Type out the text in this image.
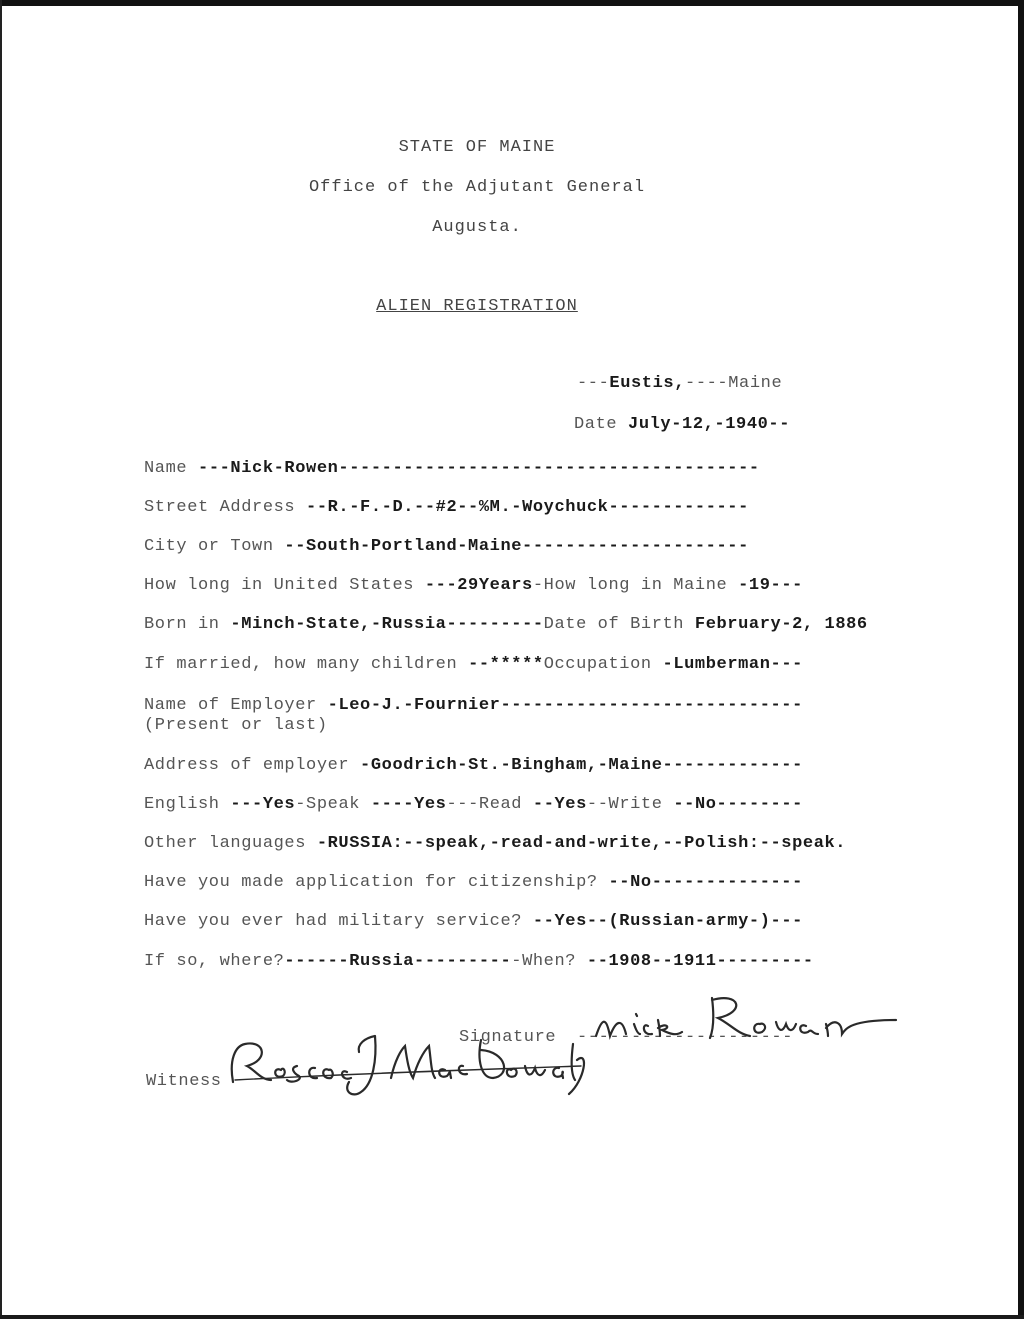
STATE OF MAINE
Office of the Adjutant General
Augusta.
ALIEN REGISTRATION
---Eustis,----Maine
Date July-12,-1940--
Name ---Nick-Rowen---------------------------------------
Street Address --R.-F.-D.--#2--%M.-Woychuck-------------
City or Town --South-Portland-Maine---------------------
How long in United States ---29Years-How long in Maine -19---
Born in -Minch-State,-Russia---------Date of Birth February-2, 1886
If married, how many children --*****Occupation -Lumberman---
Name of Employer -Leo-J.-Fournier----------------------------
(Present or last)
Address of employer -Goodrich-St.-Bingham,-Maine-------------
English ---Yes-Speak ----Yes---Read --Yes--Write --No--------
Other languages -RUSSIA:--speak,-read-and-write,--Polish:--speak.
Have you made application for citizenship? --No--------------
Have you ever had military service? --Yes--(Russian-army-)---
If so, where?------Russia----------When? --1908--1911---------
Signature --------------------
Witness
